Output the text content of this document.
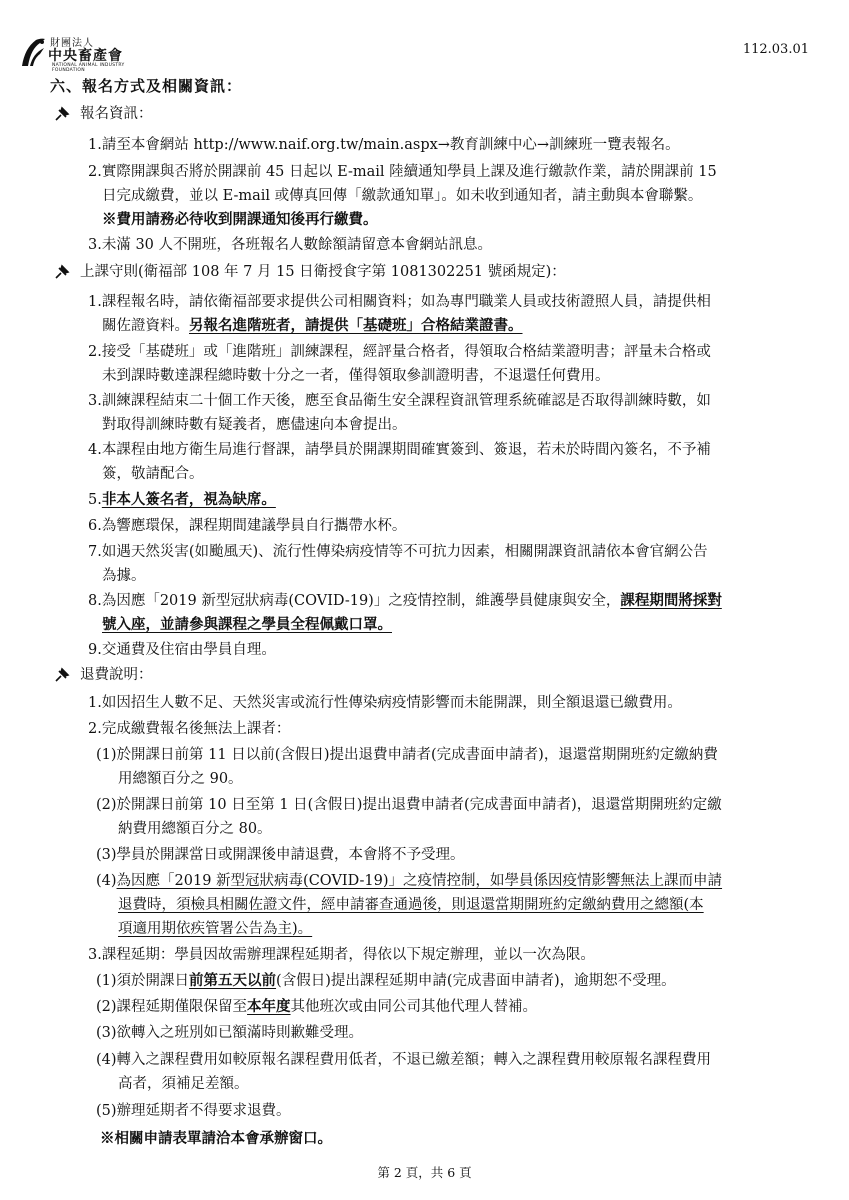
財團法人
中央畜產會
NATIONAL ANIMAL INDUSTRY FOUNDATION
112.03.01
六、報名方式及相關資訊：
報名資訊：
1.請至本會網站 http://www.naif.org.tw/main.aspx→教育訓練中心→訓練班一覽表報名。
2.實際開課與否將於開課前 45 日起以 E-mail 陸續通知學員上課及進行繳款作業，請於開課前 15
日完成繳費，並以 E-mail 或傳真回傳「繳款通知單」。如未收到通知者，請主動與本會聯繫。
※費用請務必待收到開課通知後再行繳費。
3.未滿 30 人不開班，各班報名人數餘額請留意本會網站訊息。
上課守則(衛福部 108 年 7 月 15 日衛授食字第 1081302251 號函規定)：
1.課程報名時，請依衛福部要求提供公司相關資料；如為專門職業人員或技術證照人員，請提供相
關佐證資料。另報名進階班者，請提供「基礎班」合格結業證書。
2.接受「基礎班」或「進階班」訓練課程，經評量合格者，得領取合格結業證明書；評量未合格或
未到課時數達課程總時數十分之一者，僅得領取參訓證明書，不退還任何費用。
3.訓練課程結束二十個工作天後，應至食品衛生安全課程資訊管理系統確認是否取得訓練時數，如
對取得訓練時數有疑義者，應儘速向本會提出。
4.本課程由地方衛生局進行督課，請學員於開課期間確實簽到、簽退，若未於時間內簽名，不予補
簽，敬請配合。
5.非本人簽名者，視為缺席。
6.為響應環保，課程期間建議學員自行攜帶水杯。
7.如遇天然災害(如颱風天)、流行性傳染病疫情等不可抗力因素，相關開課資訊請依本會官網公告
為據。
8.為因應「2019 新型冠狀病毒(COVID-19)」之疫情控制，維護學員健康與安全，課程期間將採對
號入座，並請參與課程之學員全程佩戴口罩。
9.交通費及住宿由學員自理。
退費說明：
1.如因招生人數不足、天然災害或流行性傳染病疫情影響而未能開課，則全額退還已繳費用。
2.完成繳費報名後無法上課者：
(1)於開課日前第 11 日以前(含假日)提出退費申請者(完成書面申請者)，退還當期開班約定繳納費
用總額百分之 90。
(2)於開課日前第 10 日至第 1 日(含假日)提出退費申請者(完成書面申請者)，退還當期開班約定繳
納費用總額百分之 80。
(3)學員於開課當日或開課後申請退費，本會將不予受理。
(4)為因應「2019 新型冠狀病毒(COVID-19)」之疫情控制，如學員係因疫情影響無法上課而申請
退費時，須檢具相關佐證文件，經申請審查通過後，則退還當期開班約定繳納費用之總額(本
項適用期依疾管署公告為主)。
3.課程延期：學員因故需辦理課程延期者，得依以下規定辦理，並以一次為限。
(1)須於開課日前第五天以前(含假日)提出課程延期申請(完成書面申請者)，逾期恕不受理。
(2)課程延期僅限保留至本年度其他班次或由同公司其他代理人替補。
(3)欲轉入之班別如已額滿時則歉難受理。
(4)轉入之課程費用如較原報名課程費用低者，不退已繳差額；轉入之課程費用較原報名課程費用
高者，須補足差額。
(5)辦理延期者不得要求退費。
※相關申請表單請洽本會承辦窗口。
第 2 頁，共 6 頁
